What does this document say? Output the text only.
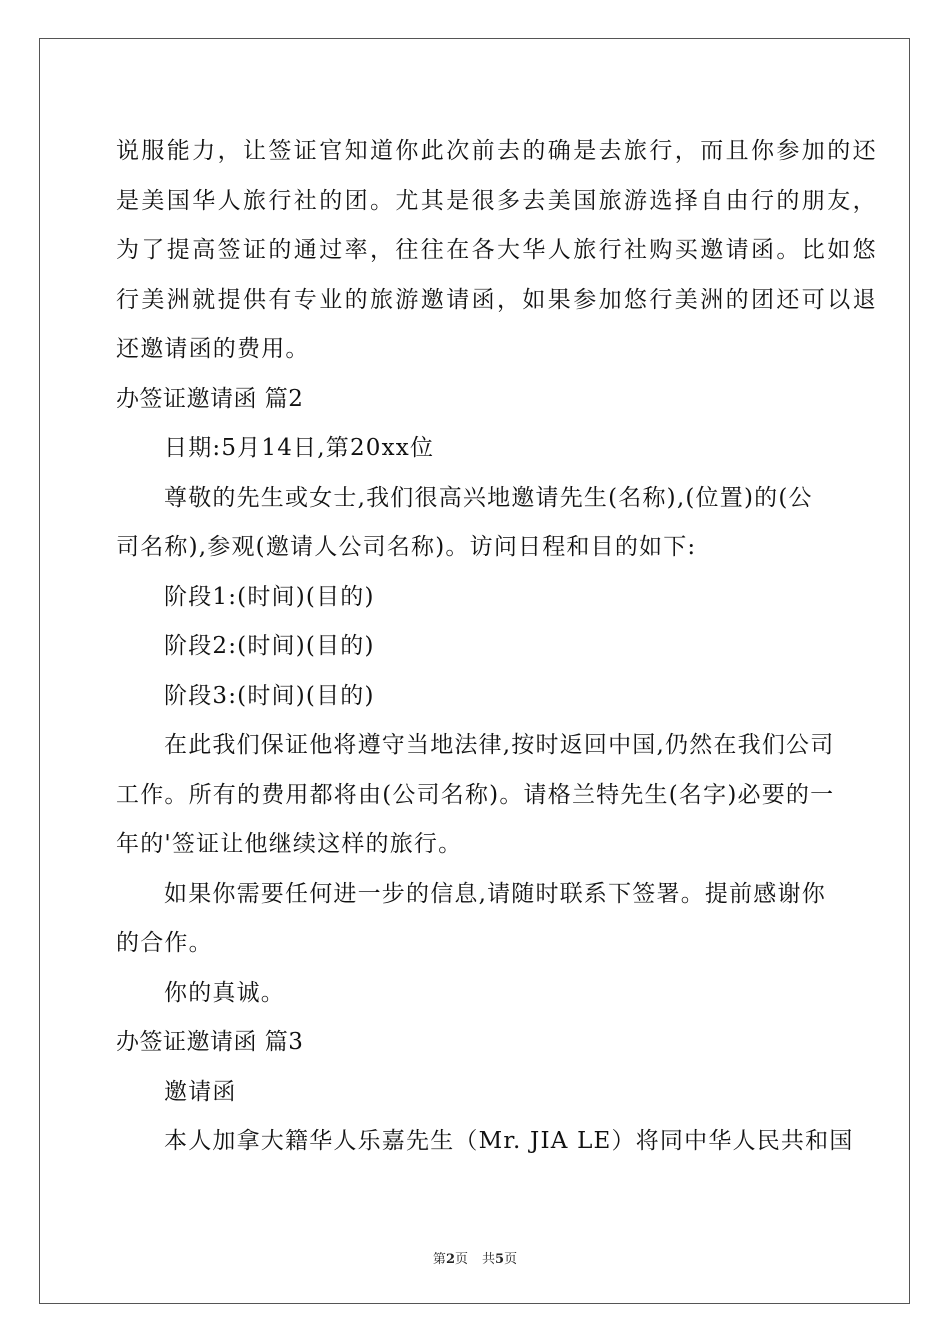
说服能力，让签证官知道你此次前去的确是去旅行，而且你参加的还
是美国华人旅行社的团。尤其是很多去美国旅游选择自由行的朋友，
为了提高签证的通过率，往往在各大华人旅行社购买邀请函。比如悠
行美洲就提供有专业的旅游邀请函，如果参加悠行美洲的团还可以退
还邀请函的费用。
办签证邀请函 篇2
日期:5月14日,第20xx位
尊敬的先生或女士,我们很高兴地邀请先生(名称),(位置)的(公
司名称),参观(邀请人公司名称)。访问日程和目的如下:
阶段1:(时间)(目的)
阶段2:(时间)(目的)
阶段3:(时间)(目的)
在此我们保证他将遵守当地法律,按时返回中国,仍然在我们公司
工作。所有的费用都将由(公司名称)。请格兰特先生(名字)必要的一
年的'签证让他继续这样的旅行。
如果你需要任何进一步的信息,请随时联系下签署。提前感谢你
的合作。
你的真诚。
办签证邀请函 篇3
邀请函
本人加拿大籍华人乐嘉先生（Mr. JIA LE）将同中华人民共和国
第2页 共5页
